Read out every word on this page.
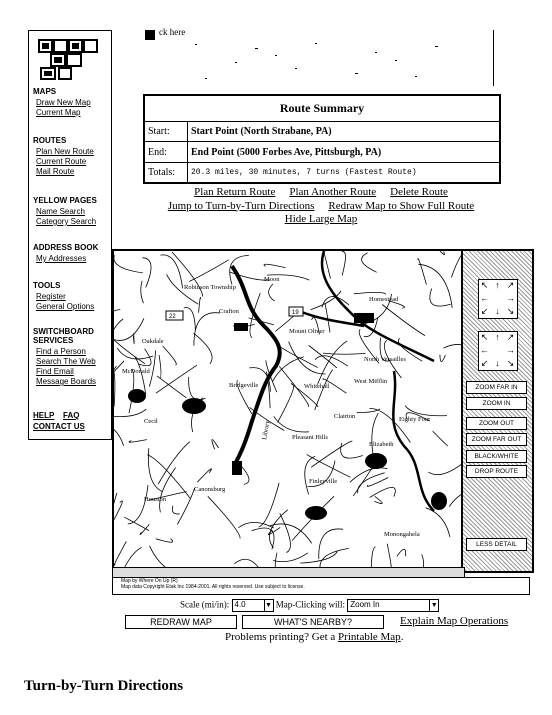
MAPS
Draw New Map
Current Map
ROUTES
Plan New Route
Current Route
Mail Route
YELLOW PAGES
Name Search
Category Search
ADDRESS BOOK
My Addresses
TOOLS
Register
General Options
SWITCHBOARD SERVICES
Find a Person
Search The Web
Find Email
Message Boards
HELP FAQ
CONTACT US
ck here
Route Summary	
Start:	Start Point (North Strabane, PA)
End:	End Point (5000 Forbes Ave, Pittsburgh, PA)
Totals:	20.3 miles, 30 minutes, 7 turns (Fastest Route)
Plan Return Route Plan Another Route Delete Route
Jump to Turn-by-Turn Directions Redraw Map to Show Full Route
Hide Large Map
Robinson Township
Crafton
Moon
Oakdale
Mount Oliver
Homestead
McDonald
Bridgeville	Whitehall
West Mifflin
North Versailles
Cecil	Library	Pleasant Hills
Clairton
Elizabeth
Canonsburg
Finleyville
Monongahela
Houston
Eighty Four
22
19
↖ ↑ ↗
← →
↙ ↓ ↘
↖ ↑ ↗
← →
↙ ↓ ↘
ZOOM FAR IN
ZOOM IN
ZOOM OUT
ZOOM FAR OUT
BLACK/WHITE
DROP ROUTE
LESS DETAIL
Map by Where On Up (R)
Map data Copyright Etak Inc 1984-2001. All rights reserved. Use subject to license.
Scale (mi/in): 4.0	▼ Map-Clicking will: Zoom In	▼
REDRAW MAP	WHAT'S NEARBY?	Explain Map Operations
Problems printing? Get a Printable Map.
Turn-by-Turn Directions
